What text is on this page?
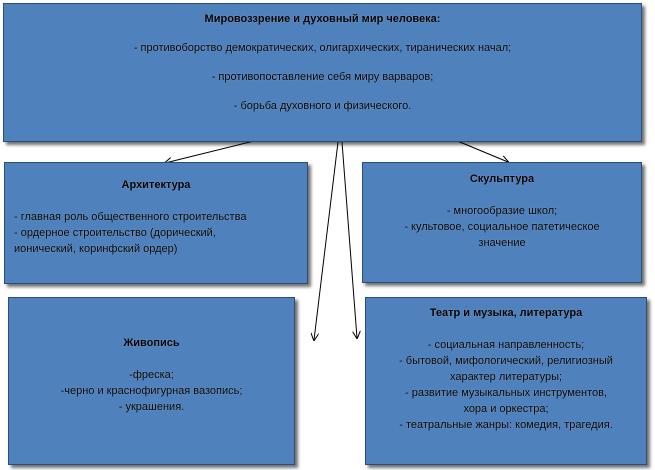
Мировоззрение и духовный мир человека:
- противоборство демократических, олигархических, тиранических начал;
- противопоставление себя миру варваров;
- борьба духовного и физического.
Архитектура
- главная роль общественного строительства
- ордерное строительство (дорический,
ионический, коринфский ордер)
Скульптура
- многообразие школ;
- культовое, социальное патетическое
значение
Живопись
-фреска;
-черно и краснофигурная вазопись;
- украшения.
Театр и музыка, литература
- социальная направленность;
- бытовой, мифологический, религиозный
характер литературы;
- развитие музыкальных инструментов,
хора и оркестра;
- театральные жанры: комедия, трагедия.
